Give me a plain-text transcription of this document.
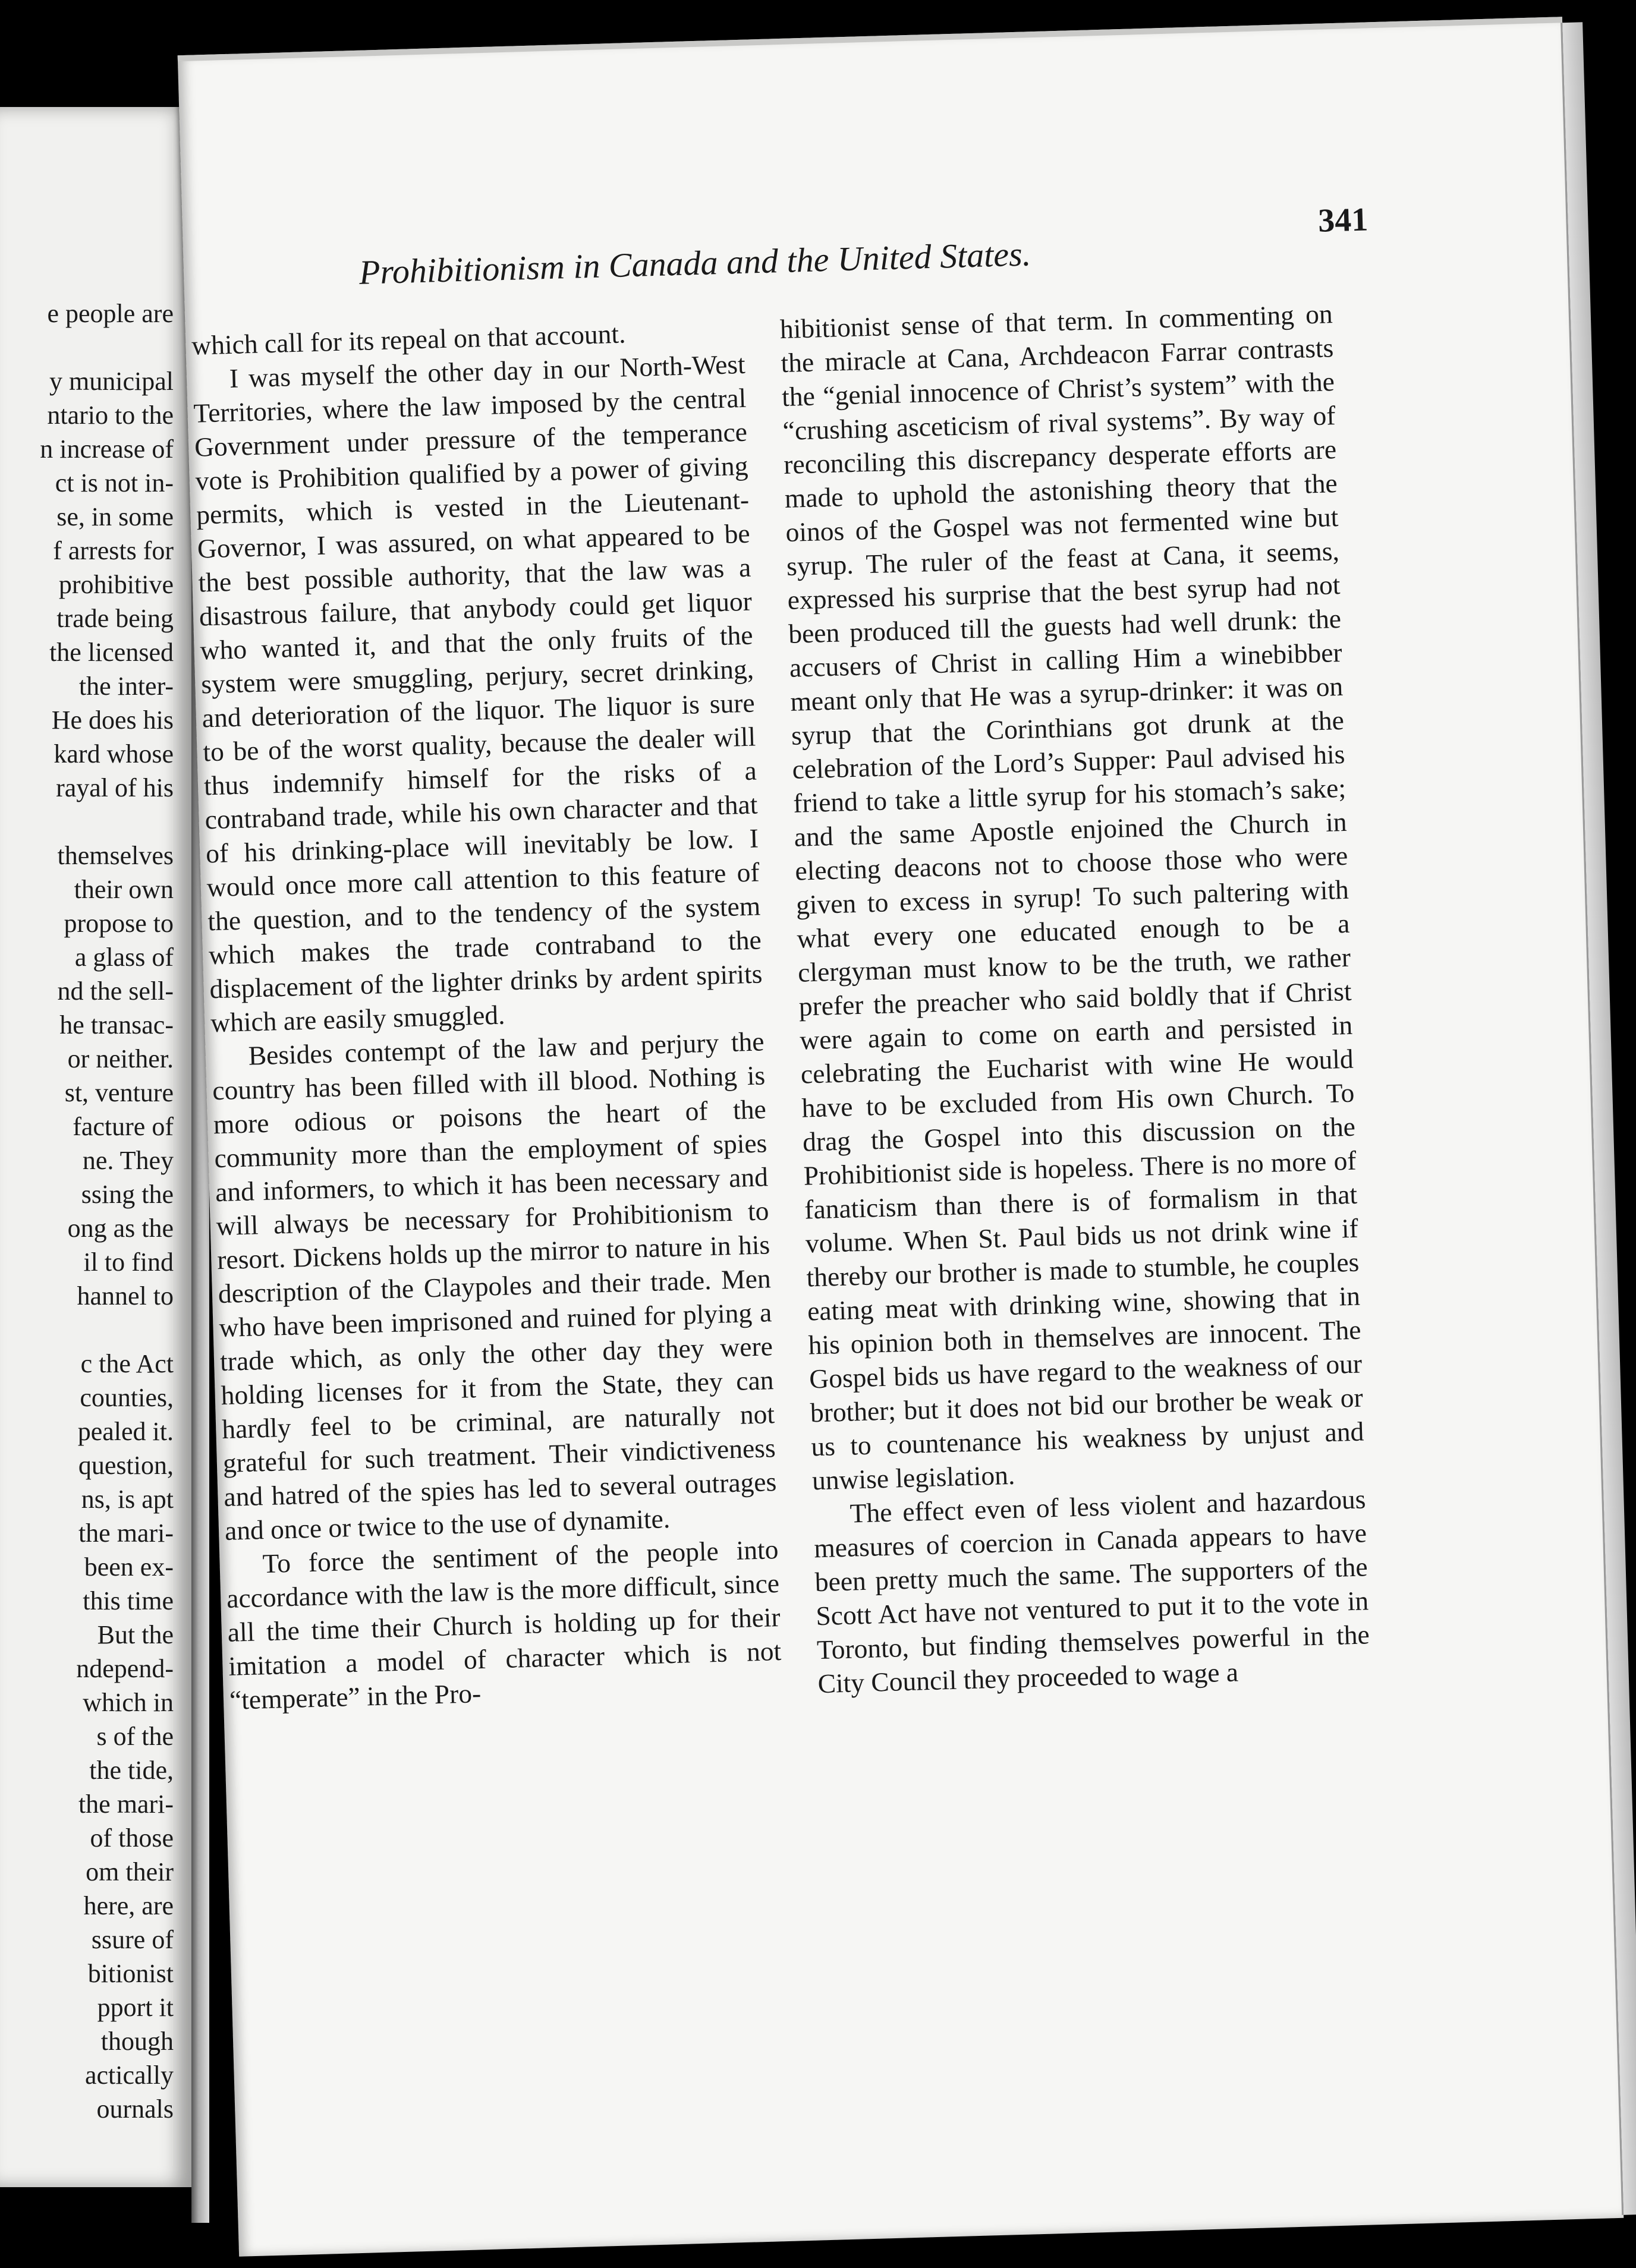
e people are
y municipal
ntario to the
n increase of
ct is not in-
se, in some
f arrests for
prohibitive
trade being
the licensed
the inter-
He does his
kard whose
rayal of his
themselves
their own
propose to
a glass of
nd the sell-
he transac-
or neither.
st, venture
facture of
ne. They
ssing the
ong as the
il to find
hannel to
c the Act
counties,
pealed it.
question,
ns, is apt
the mari-
been ex-
this time
But the
ndepend-
which in
s of the
the tide,
the mari-
of those
om their
here, are
ssure of
bitionist
pport it
though
actically
ournals
Prohibitionism in Canada and the United States.
341

which call for its repeal on that account.

I was myself the other day in our North-West Territories, where the law imposed by the central Government under pressure of the temperance vote is Prohibition qualified by a power of giving permits, which is vested in the Lieutenant-Governor, I was assured, on what appeared to be the best possible authority, that the law was a disastrous failure, that anybody could get liquor who wanted it, and that the only fruits of the system were smuggling, perjury, secret drinking, and deterioration of the liquor. The liquor is sure to be of the worst quality, because the dealer will thus indemnify himself for the risks of a contraband trade, while his own character and that of his drinking-place will inevitably be low. I would once more call attention to this feature of the question, and to the tendency of the system which makes the trade contraband to the displacement of the lighter drinks by ardent spirits which are easily smuggled.

Besides contempt of the law and perjury the country has been filled with ill blood. Nothing is more odious or poisons the heart of the community more than the employment of spies and informers, to which it has been necessary and will always be necessary for Prohibitionism to resort. Dickens holds up the mirror to nature in his description of the Claypoles and their trade. Men who have been imprisoned and ruined for plying a trade which, as only the other day they were holding licenses for it from the State, they can hardly feel to be criminal, are naturally not grateful for such treatment. Their vindictiveness and hatred of the spies has led to several outrages and once or twice to the use of dynamite.

To force the sentiment of the people into accordance with the law is the more difficult, since all the time their Church is holding up for their imitation a model of character which is not “temperate” in the Pro-

hibitionist sense of that term. In commenting on the miracle at Cana, Archdeacon Farrar contrasts the “genial innocence of Christ’s system” with the “crushing asceticism of rival systems”. By way of reconciling this discrepancy desperate efforts are made to uphold the astonishing theory that the oinos of the Gospel was not fermented wine but syrup. The ruler of the feast at Cana, it seems, expressed his surprise that the best syrup had not been produced till the guests had well drunk: the accusers of Christ in calling Him a winebibber meant only that He was a syrup-drinker: it was on syrup that the Corinthians got drunk at the celebration of the Lord’s Supper: Paul advised his friend to take a little syrup for his stomach’s sake; and the same Apostle enjoined the Church in electing deacons not to choose those who were given to excess in syrup! To such paltering with what every one educated enough to be a clergyman must know to be the truth, we rather prefer the preacher who said boldly that if Christ were again to come on earth and persisted in celebrating the Eucharist with wine He would have to be excluded from His own Church. To drag the Gospel into this discussion on the Prohibitionist side is hopeless. There is no more of fanaticism than there is of formalism in that volume. When St. Paul bids us not drink wine if thereby our brother is made to stumble, he couples eating meat with drinking wine, showing that in his opinion both in themselves are innocent. The Gospel bids us have regard to the weakness of our brother; but it does not bid our brother be weak or us to countenance his weakness by unjust and unwise legislation.

The effect even of less violent and hazardous measures of coercion in Canada appears to have been pretty much the same. The supporters of the Scott Act have not ventured to put it to the vote in Toronto, but finding themselves powerful in the City Council they proceeded to wage a
